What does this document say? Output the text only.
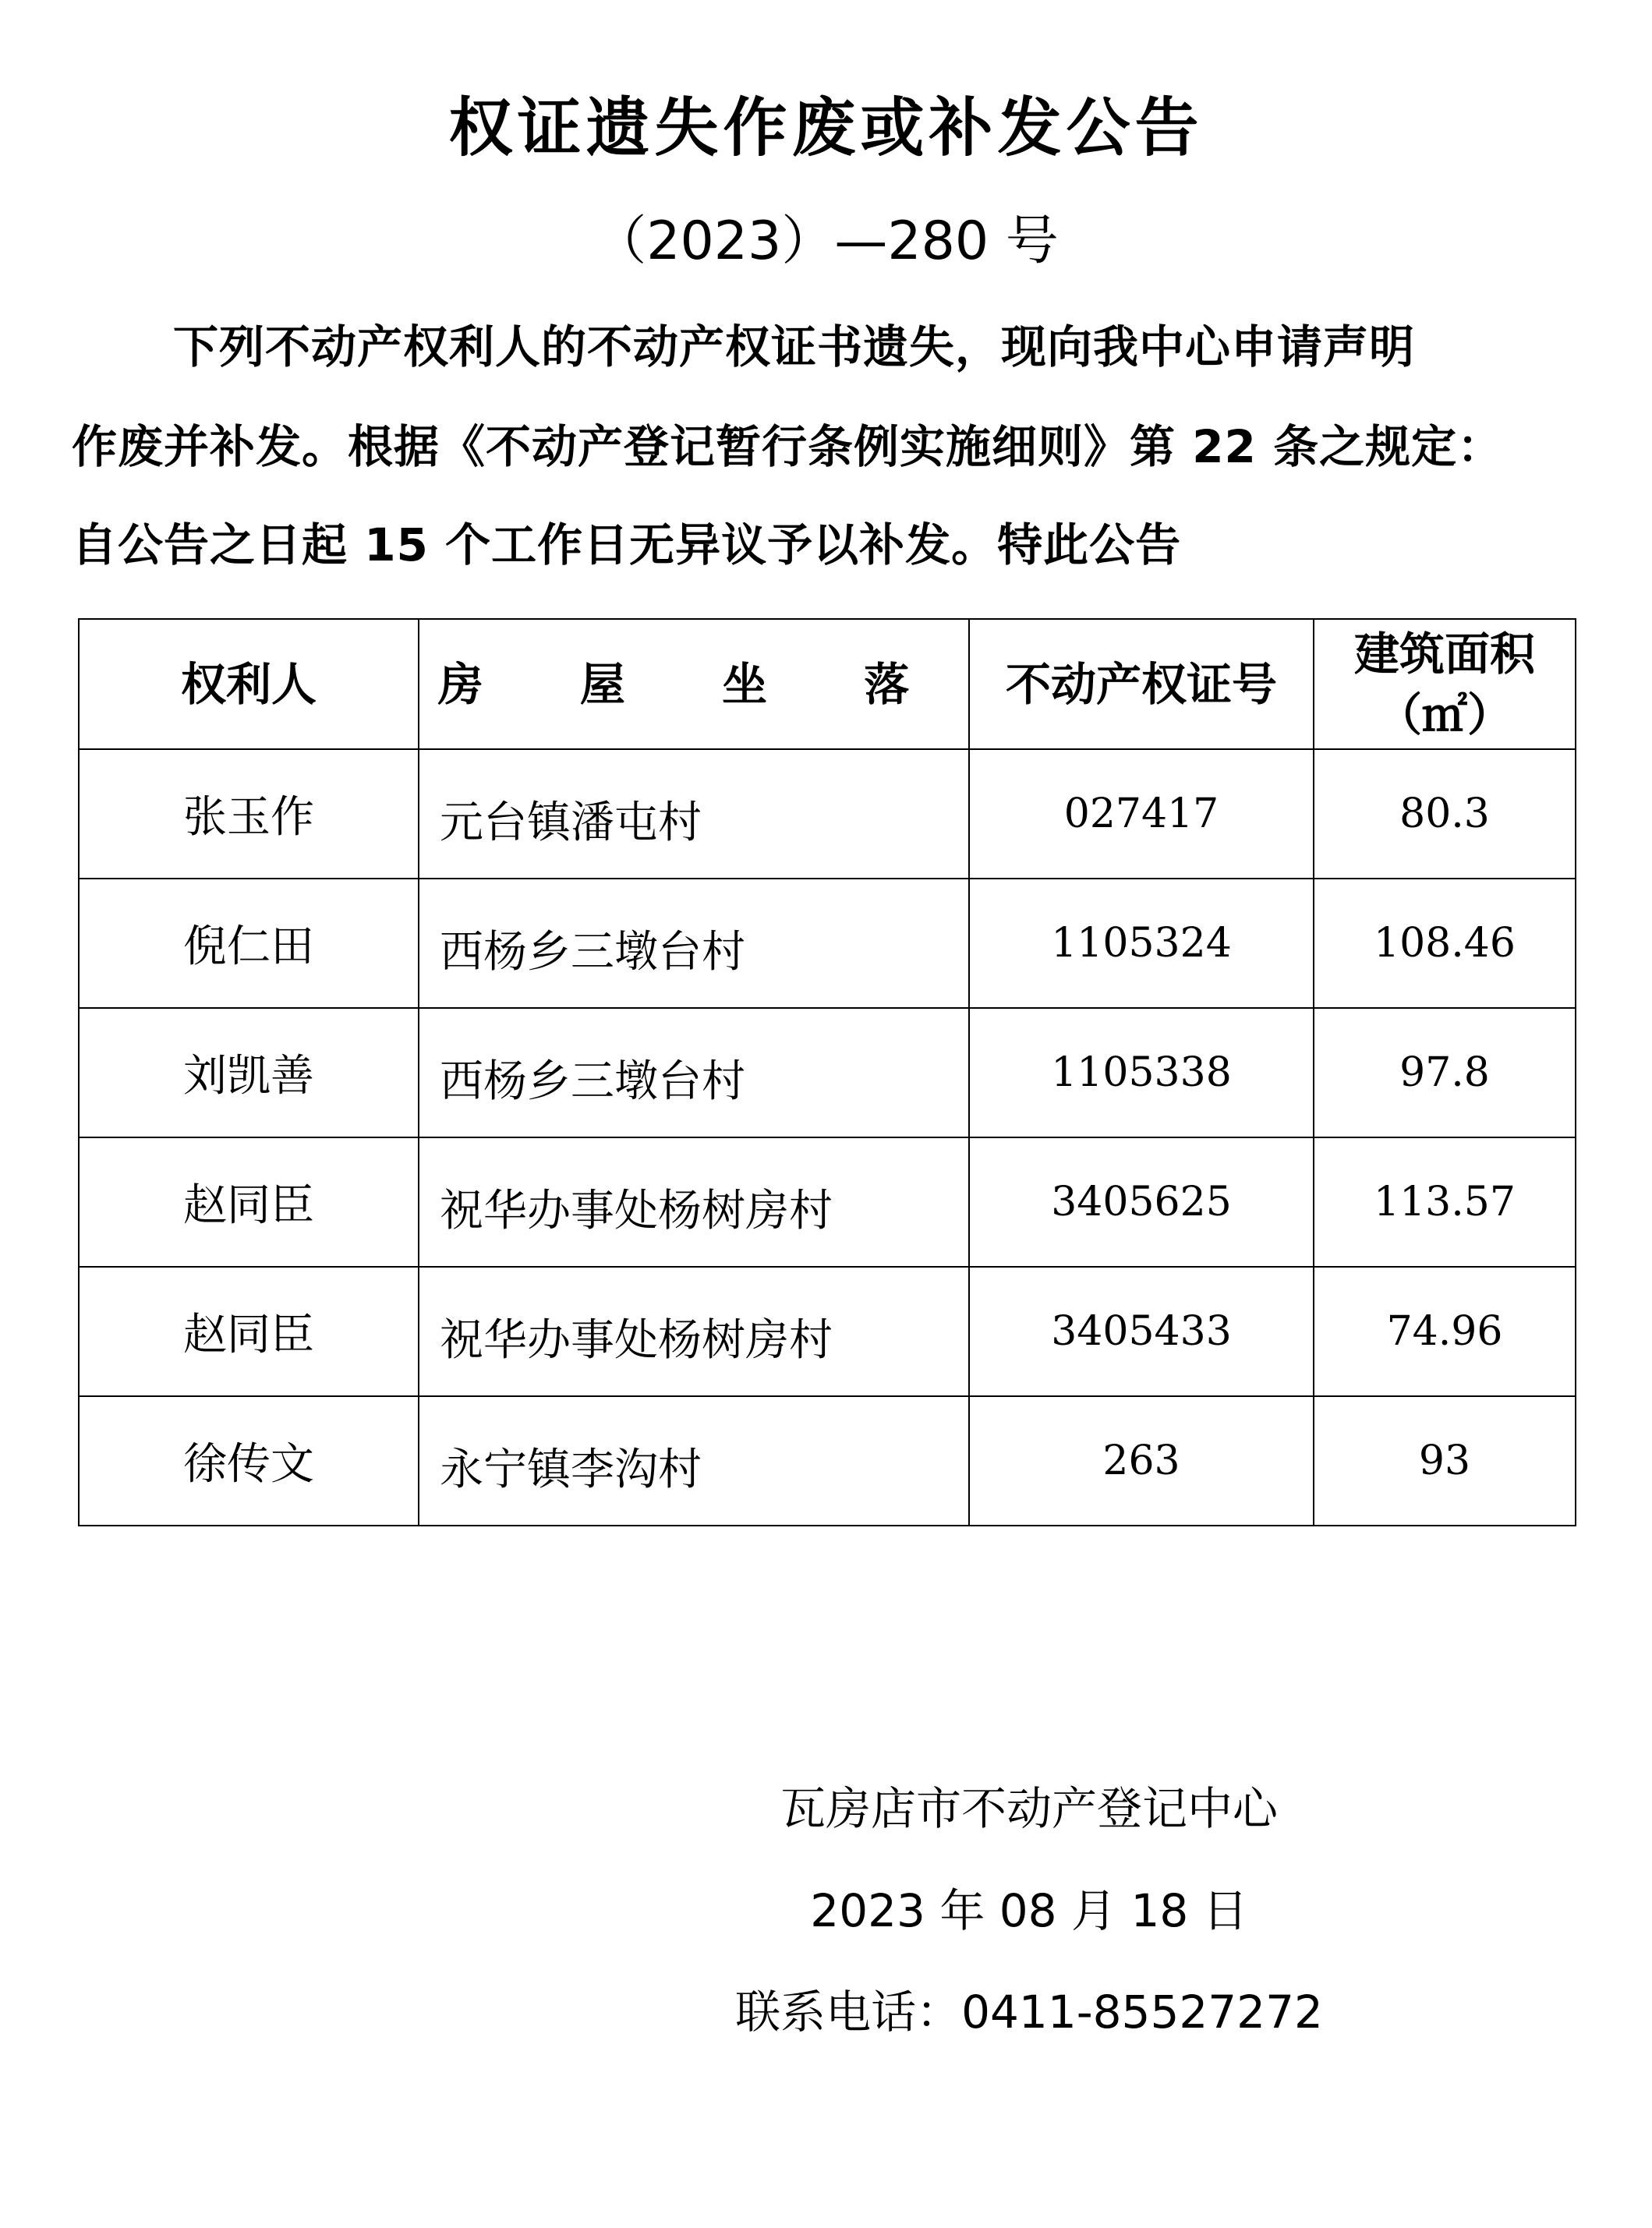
权证遗失作废或补发公告
（2023）—280 号
下列不动产权利人的不动产权证书遗失，现向我中心申请声明
作废并补发。根据《不动产登记暂行条例实施细则》第 22 条之规定：
自公告之日起 15 个工作日无异议予以补发。特此公告
权利人	房 屋 坐 落	不动产权证号	建筑面积
（㎡）

张玉作	元台镇潘屯村	027417	80.3
倪仁田	西杨乡三墩台村	1105324	108.46
刘凯善	西杨乡三墩台村	1105338	97.8
赵同臣	祝华办事处杨树房村	3405625	113.57
赵同臣	祝华办事处杨树房村	3405433	74.96
徐传文	永宁镇李沟村	263	93
瓦房店市不动产登记中心
2023 年 08 月 18 日
联系电话：0411-85527272
